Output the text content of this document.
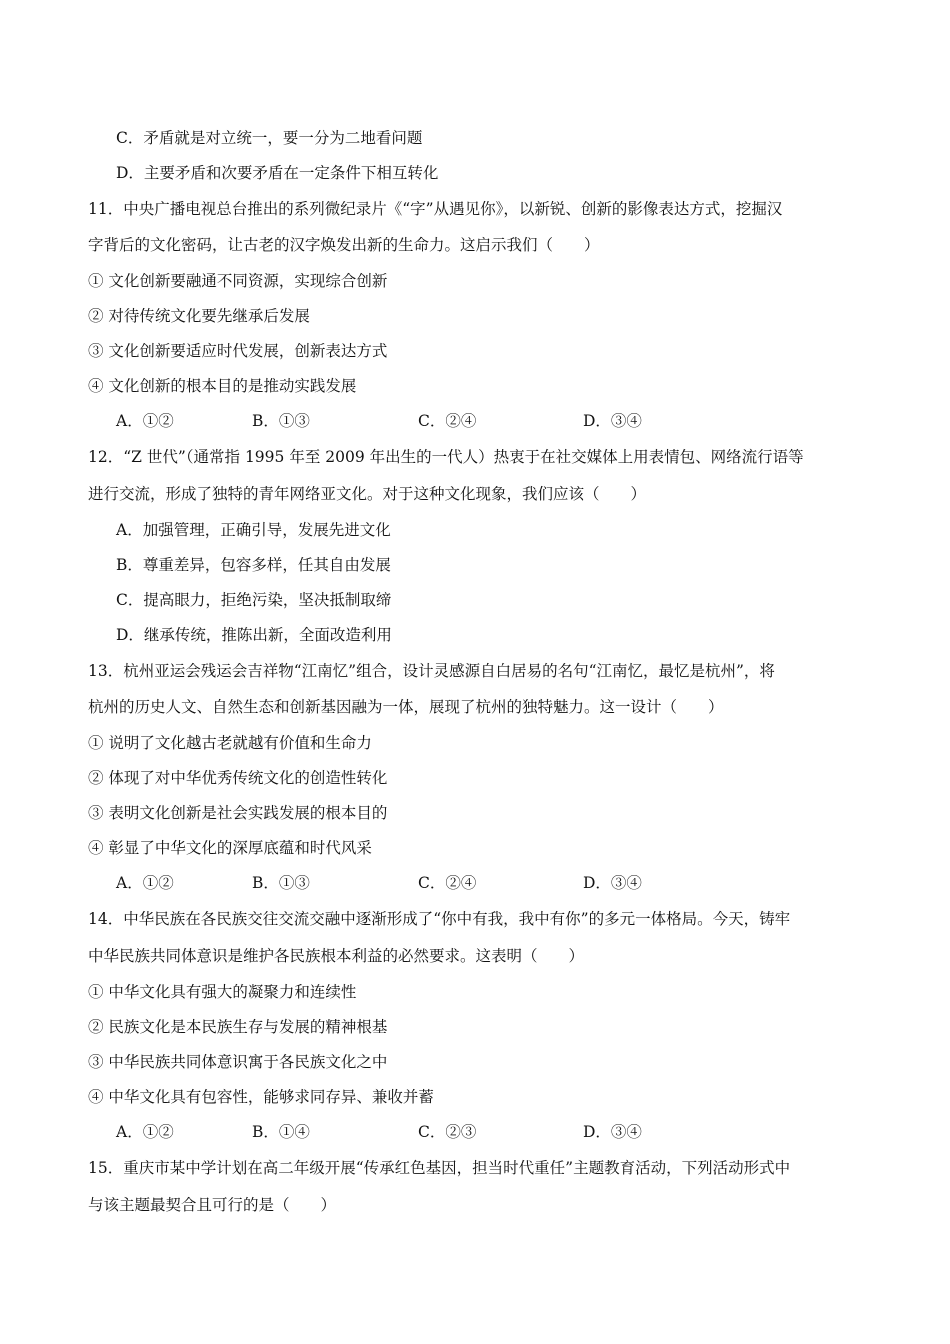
C．矛盾就是对立统一，要一分为二地看问题
D．主要矛盾和次要矛盾在一定条件下相互转化
11．中央广播电视总台推出的系列微纪录片《“字”从遇见你》，以新锐、创新的影像表达方式，挖掘汉
字背后的文化密码，让古老的汉字焕发出新的生命力。这启示我们（　　）
① 文化创新要融通不同资源，实现综合创新
② 对待传统文化要先继承后发展
③ 文化创新要适应时代发展，创新表达方式
④ 文化创新的根本目的是推动实践发展
A．①②	B．①③	C．②④	D．③④
12．“Z 世代”（通常指 1995 年至 2009 年出生的一代人）热衷于在社交媒体上用表情包、网络流行语等
进行交流，形成了独特的青年网络亚文化。对于这种文化现象，我们应该（　　）
A．加强管理，正确引导，发展先进文化
B．尊重差异，包容多样，任其自由发展
C．提高眼力，拒绝污染，坚决抵制取缔
D．继承传统，推陈出新，全面改造利用
13．杭州亚运会残运会吉祥物“江南忆”组合，设计灵感源自白居易的名句“江南忆，最忆是杭州”，将
杭州的历史人文、自然生态和创新基因融为一体，展现了杭州的独特魅力。这一设计（　　）
① 说明了文化越古老就越有价值和生命力
② 体现了对中华优秀传统文化的创造性转化
③ 表明文化创新是社会实践发展的根本目的
④ 彰显了中华文化的深厚底蕴和时代风采
A．①②	B．①③	C．②④	D．③④
14．中华民族在各民族交往交流交融中逐渐形成了“你中有我，我中有你”的多元一体格局。今天，铸牢
中华民族共同体意识是维护各民族根本利益的必然要求。这表明（　　）
① 中华文化具有强大的凝聚力和连续性
② 民族文化是本民族生存与发展的精神根基
③ 中华民族共同体意识寓于各民族文化之中
④ 中华文化具有包容性，能够求同存异、兼收并蓄
A．①②	B．①④	C．②③	D．③④
15．重庆市某中学计划在高二年级开展“传承红色基因，担当时代重任”主题教育活动，下列活动形式中
与该主题最契合且可行的是（　　）
